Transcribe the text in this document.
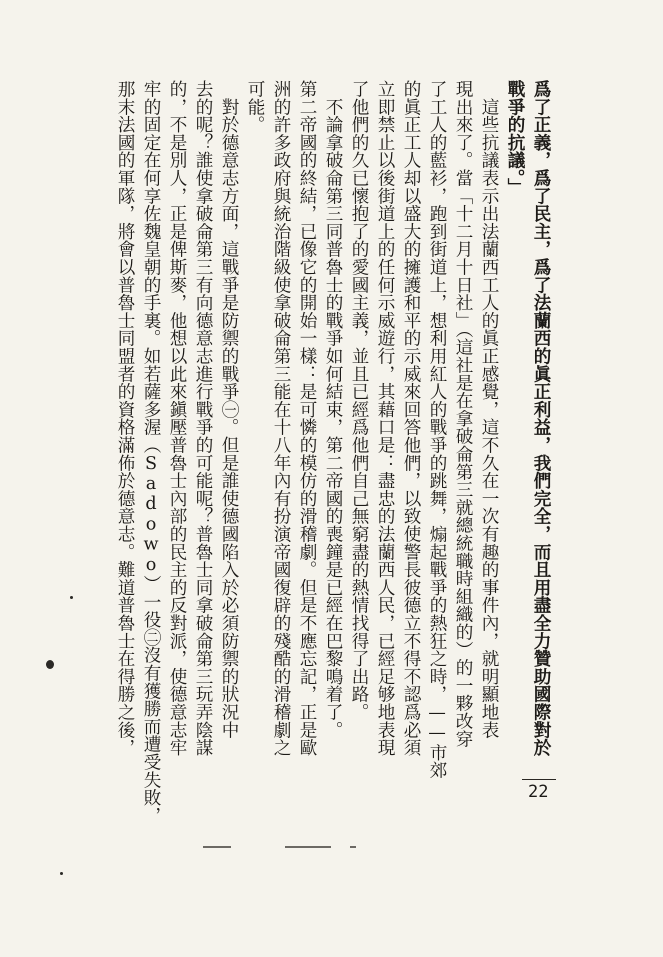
爲了正義，爲了民主，爲了法蘭西的眞正利益，我們完全，而且用盡全力贊助國際對於
戰爭的抗議。」
　這些抗議表示出法蘭西工人的眞正感覺，這不久在一次有趣的事件內，就明顯地表
現出來了。當「十二月十日社」（這社是在拿破侖第三就總統職時組織的）的一夥改穿
了工人的藍衫，跑到街道上，想利用紅人的戰爭的跳舞，煽起戰爭的熱狂之時，——市郊
的眞正工人却以盛大的擁護和平的示威來回答他們，以致使警長彼德立不得不認爲必須
立即禁止以後街道上的任何示威遊行，其藉口是：盡忠的法蘭西人民，已經足够地表現
了他們的久已懷抱了的愛國主義，並且已經爲他們自己無窮盡的熱情找得了出路。
　不論拿破侖第三同普魯士的戰爭如何結束，第二帝國的喪鐘是已經在巴黎鳴着了。
第二帝國的終結，已像它的開始一樣：是可憐的模仿的滑稽劇。但是不應忘記，正是歐
洲的許多政府與統治階級使拿破侖第三能在十八年內有扮演帝國復辟的殘酷的滑稽劇之
可能。
　對於德意志方面，這戰爭是防禦的戰爭㊀。但是誰使德國陷入於必須防禦的狀況中
去的呢？誰使拿破侖第三有向德意志進行戰爭的可能呢？普魯士同拿破侖第三玩弄陰謀
的，不是別人，正是俾斯麥，他想以此來鎭壓普魯士內部的民主的反對派，使德意志牢
牢的固定在何享佐魏皇朝的手裏。如若薩多渥（Sadowo）一役㊁沒有獲勝而遭受失敗，
那末法國的軍隊，將會以普魯士同盟者的資格滿佈於德意志。難道普魯士在得勝之後，
22
